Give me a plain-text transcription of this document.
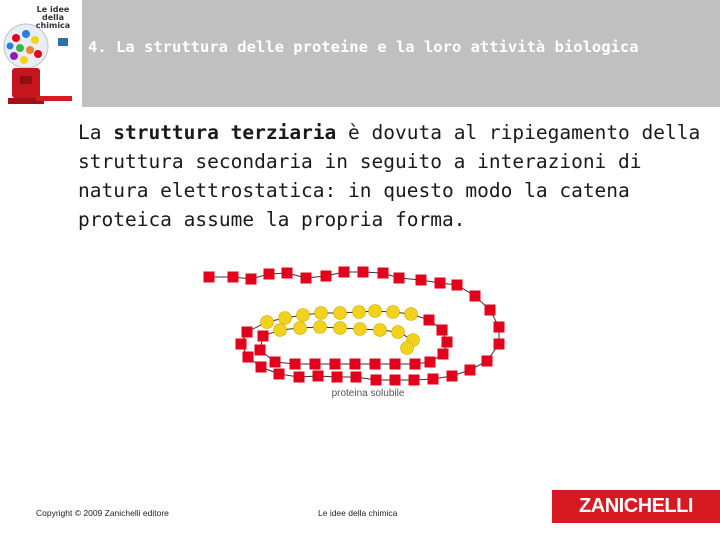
Le idee della
chimica
4. La struttura delle proteine e la loro attività biologica
La struttura terziaria è dovuta al ripiegamento della struttura secondaria in seguito a interazioni di natura elettrostatica: in questo modo la catena proteica assume la propria forma.
proteina solubile
Copyright © 2009 Zanichelli editore	Le idee della chimica	ZANICHELLI
